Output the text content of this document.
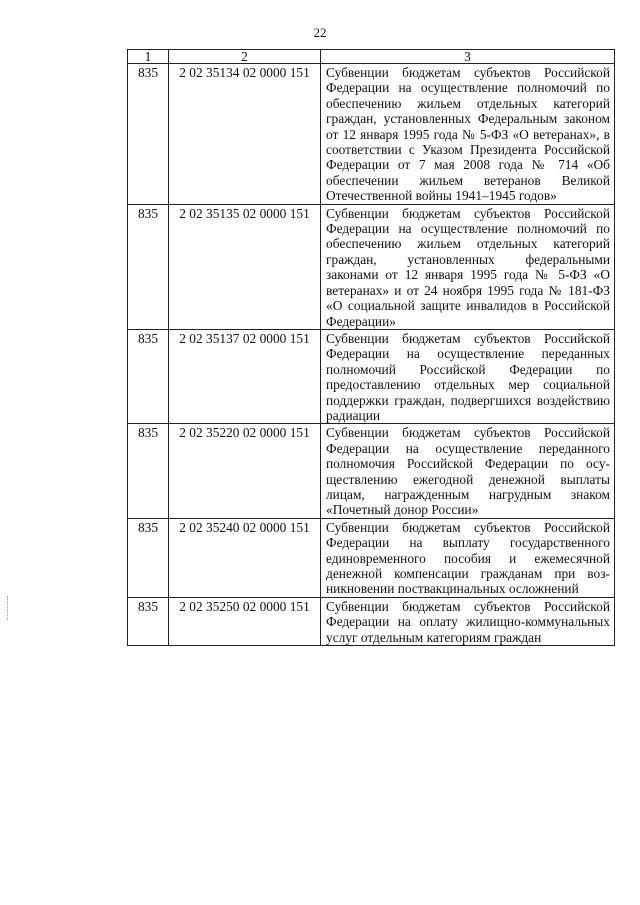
22
1	2	3
835	2 02 35134 02 0000 151	Субвенции бюджетам субъектов Российской Федерации на осуществление полномочий по обеспечению жильем отдельных категорий граждан, установленных Федеральным законом от 12 января 1995 года № 5-ФЗ «О ветеранах», в соответствии с Указом Президента Российской Федерации от 7 мая 2008 года № 714 «Об обеспечении жильем ветеранов Великой Отечественной войны 1941–1945 годов»
835	2 02 35135 02 0000 151	Субвенции бюджетам субъектов Российской Федерации на осуществление полномочий по обеспечению жильем отдельных категорий граждан, установленных федеральными законами от 12 января 1995 года № 5-ФЗ «О ветеранах» и от 24 ноября 1995 года № 181-ФЗ «О социальной защите инвалидов в Российской Федерации»
835	2 02 35137 02 0000 151	Субвенции бюджетам субъектов Российской Федерации на осуществление переданных полномочий Российской Федерации по предоставлению отдельных мер социальной поддержки граждан, подвергшихся воздействию радиации
835	2 02 35220 02 0000 151	Субвенции бюджетам субъектов Российской Федерации на осуществление переданного полномочия Российской Федерации по осуществлению ежегодной денежной выплаты лицам, награжденным нагрудным знаком «Почетный донор России»
835	2 02 35240 02 0000 151	Субвенции бюджетам субъектов Российской Федерации на выплату государственного единовременного пособия и ежемесячной денежной компенсации гражданам при возникновении поствакцинальных осложнений
835	2 02 35250 02 0000 151	Субвенции бюджетам субъектов Российской Федерации на оплату жилищно-коммунальных услуг отдельным категориям граждан
